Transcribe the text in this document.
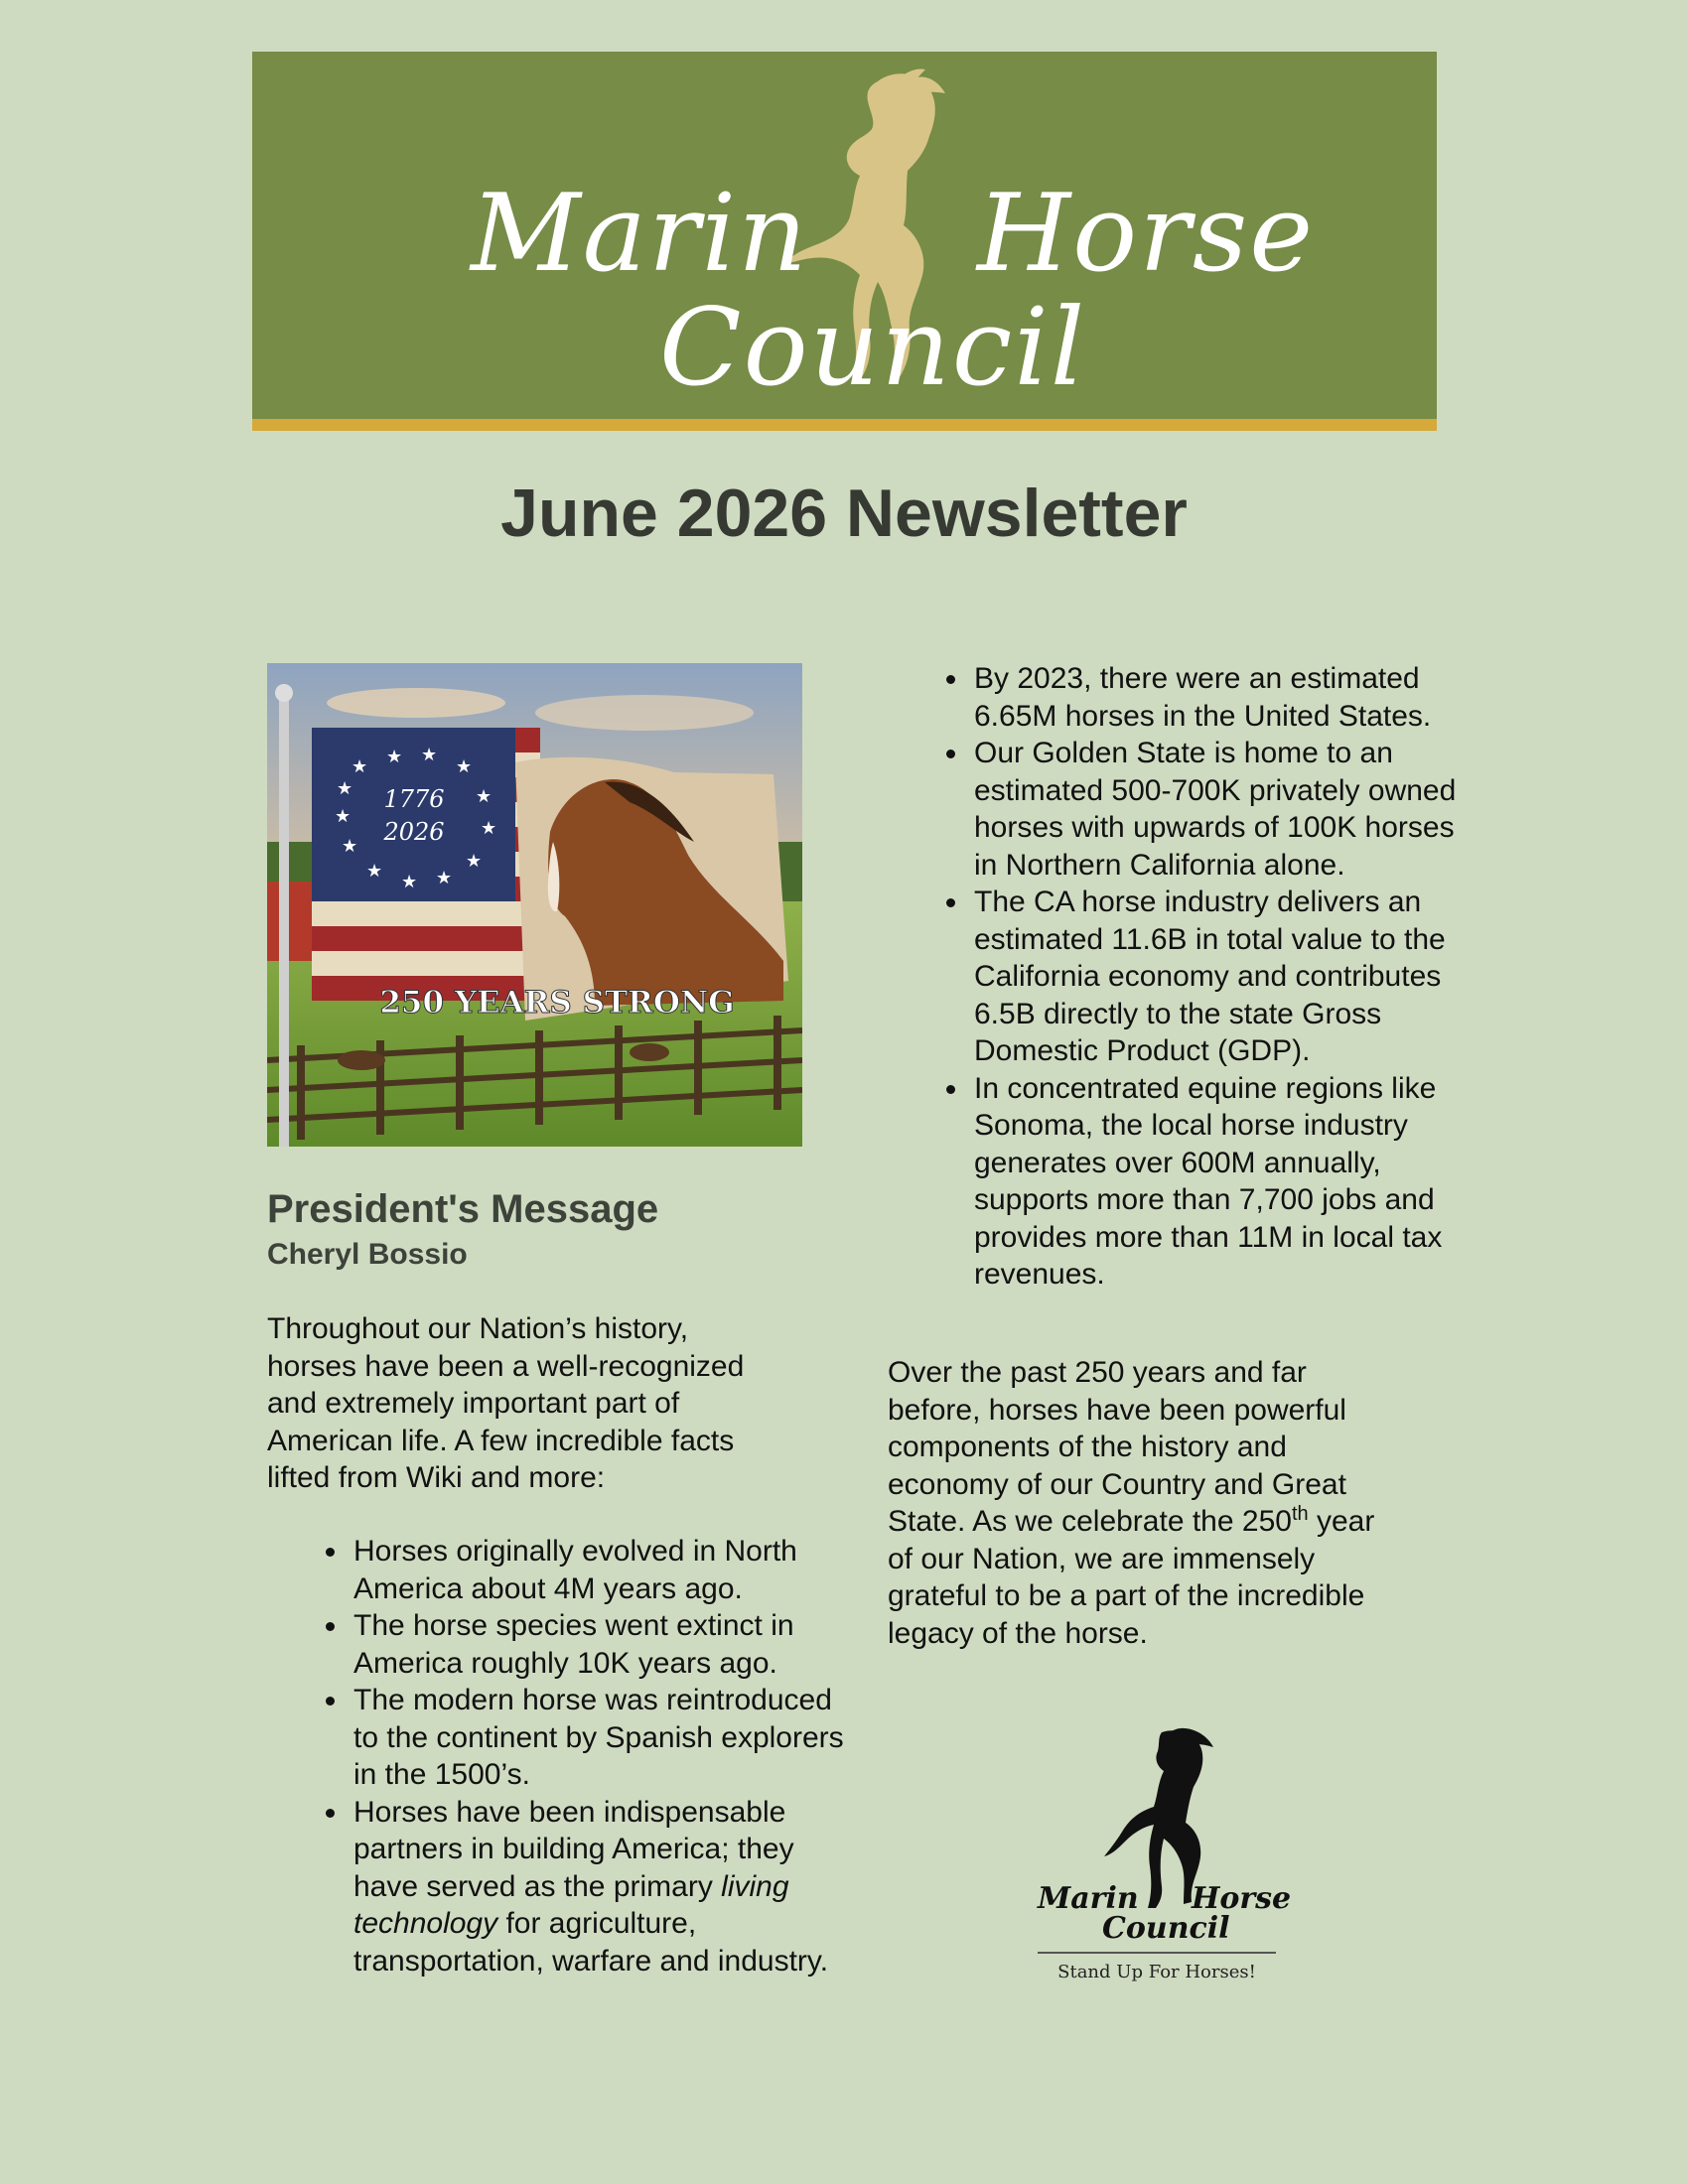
Marin Horse
Council
June 2026 Newsletter
★ ★ ★
★
★
★
★
★
★
★
★
★
★ 1776
2026
250 YEARS STRONG
President's Message
Cheryl Bossio

Throughout our Nation’s history, horses have been a well-recognized and extremely important part of American life. A few incredible facts lifted from Wiki and more:

• Horses originally evolved in North America about 4M years ago.
• The horse species went extinct in America roughly 10K years ago.
• The modern horse was reintroduced to the continent by Spanish explorers in the 1500’s.
• Horses have been indispensable partners in building America; they have served as the primary living technology for agriculture, transportation, warfare and industry.
• By 2023, there were an estimated 6.65M horses in the United States.
• Our Golden State is home to an estimated 500-700K privately owned horses with upwards of 100K horses in Northern California alone.
• The CA horse industry delivers an estimated 11.6B in total value to the California economy and contributes 6.5B directly to the state Gross Domestic Product (GDP).
• In concentrated equine regions like Sonoma, the local horse industry generates over 600M annually, supports more than 7,700 jobs and provides more than 11M in local tax revenues.

Over the past 250 years and far before, horses have been powerful components of the history and economy of our Country and Great State. As we celebrate the 250th year of our Nation, we are immensely grateful to be a part of the incredible legacy of the horse.

Marin Horse
Council
Stand Up For Horses!
